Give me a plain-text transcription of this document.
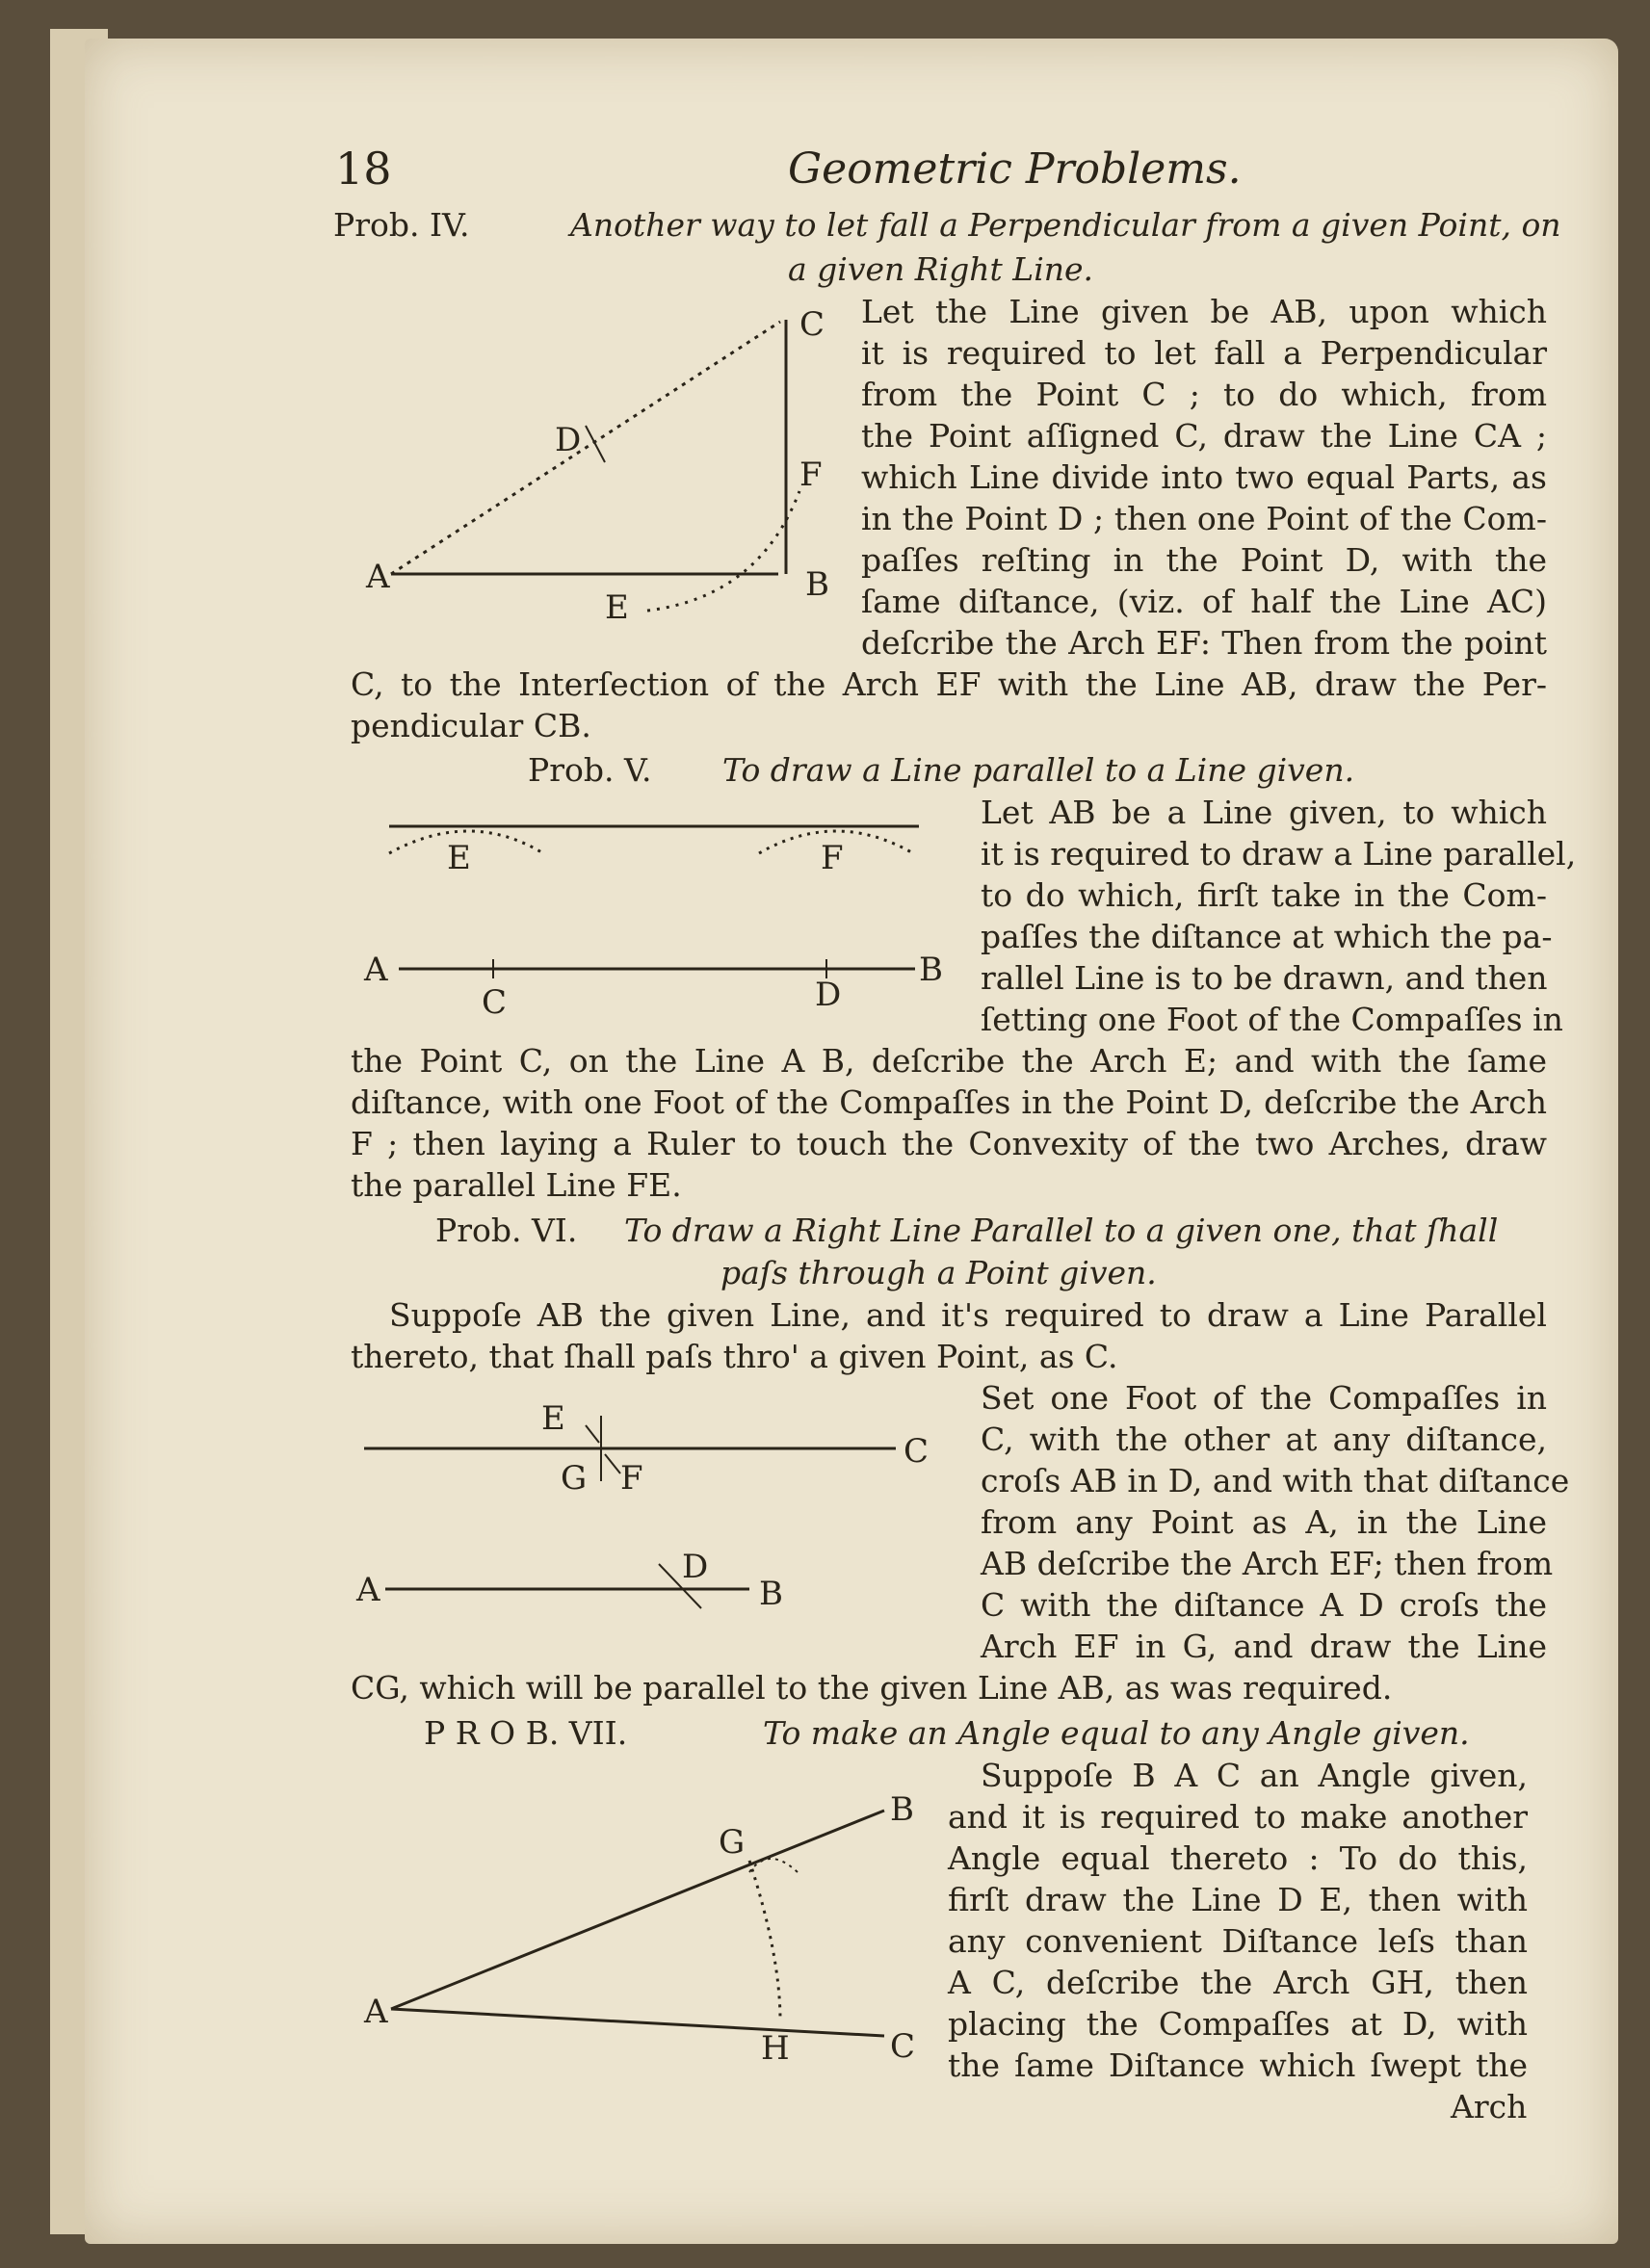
18	Geometric Problems.
Prob. IV.	Another way to let fall a Perpendicular from a given Point, on
a given Right Line.
Let the Line given be AB, upon which
it is required to let fall a Perpendicular
from the Point C ; to do which, from
the Point aſſigned C, draw the Line CA ;
which Line divide into two equal Parts, as
in the Point D ; then one Point of the Com-
paſſes reſting in the Point D, with the
ſame diſtance, (viz. of half the Line AC)
deſcribe the Arch EF: Then from the point
C, to the Interſection of the Arch EF with the Line AB, draw the Per-
pendicular CB.
A	B
C
D
E
F
Prob. V. To draw a Line parallel to a Line given.
Let AB be a Line given, to which
it is required to draw a Line parallel,
to do which, firſt take in the Com-
paſſes the diſtance at which the pa-
rallel Line is to be drawn, and then
ſetting one Foot of the Compaſſes in
the Point C, on the Line A B, deſcribe the Arch E; and with the ſame
diſtance, with one Foot of the Compaſſes in the Point D, deſcribe the Arch
F ; then laying a Ruler to touch the Convexity of the two Arches, draw
the parallel Line FE.
A	B
C	D
E	F
Prob. VI. To draw a Right Line Parallel to a given one, that ſhall
paſs through a Point given.
Suppoſe AB the given Line, and it's required to draw a Line Parallel
thereto, that ſhall paſs thro' a given Point, as C.
Set one Foot of the Compaſſes in
C, with the other at any diſtance,
croſs AB in D, and with that diſtance
from any Point as A, in the Line
AB deſcribe the Arch EF; then from
C with the diſtance A D croſs the
Arch EF in G, and draw the Line
CG, which will be parallel to the given Line AB, as was required.
A	B
C
D
E
F
G
P R O B. VII.	To make an Angle equal to any Angle given.
Suppoſe B A C an Angle given,
and it is required to make another
Angle equal thereto : To do this,
firſt draw the Line D E, then with
any convenient Diſtance leſs than
A C, deſcribe the Arch GH, then
placing the Compaſſes at D, with
the ſame Diſtance which ſwept the
Arch
A
B
C
G
H
